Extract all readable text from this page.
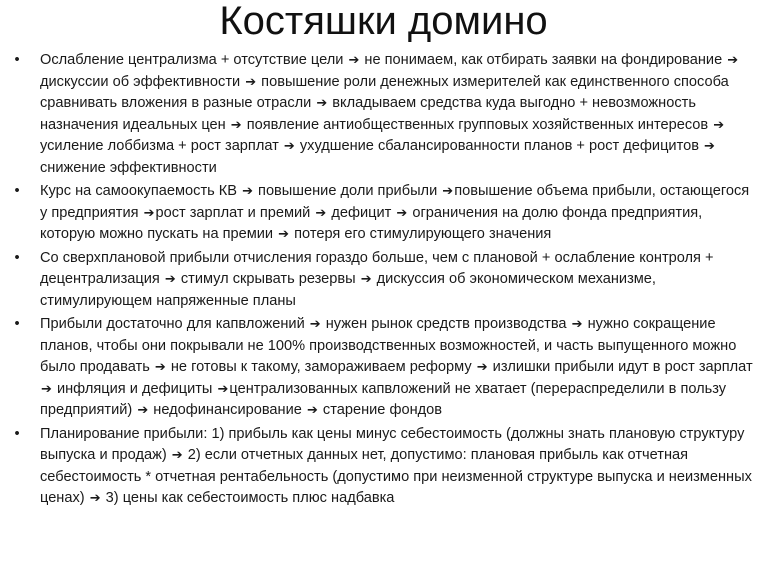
Костяшки домино
•	Ослабление централизма + отсутствие цели ➔ не понимаем, как отбирать заявки на фондирование ➔ дискуссии об эффективности ➔ повышение роли денежных измерителей как единственного способа сравнивать вложения в разные отрасли ➔ вкладываем средства куда выгодно + невозможность назначения идеальных цен ➔ появление антиобщественных групповых хозяйственных интересов ➔ усиление лоббизма + рост зарплат ➔ ухудшение сбалансированности планов + рост дефицитов ➔снижение эффективности
•	Курс на самоокупаемость КВ ➔ повышение доли прибыли ➔повышение объема прибыли, остающегося у предприятия ➔рост зарплат и премий ➔ дефицит ➔ ограничения на долю фонда предприятия, которую можно пускать на премии ➔ потеря его стимулирующего значения
•	Со сверхплановой прибыли отчисления гораздо больше, чем с плановой + ослабление контроля + децентрализация ➔ стимул скрывать резервы ➔ дискуссия об экономическом механизме, стимулирующем напряженные планы
•	Прибыли достаточно для капвложений ➔ нужен рынок средств производства ➔ нужно сокращение планов, чтобы они покрывали не 100% производственных возможностей, и часть выпущенного можно было продавать ➔ не готовы к такому, замораживаем реформу ➔ излишки прибыли идут в рост зарплат ➔ инфляция и дефициты ➔централизованных капвложений не хватает (перераспределили в пользу предприятий) ➔ недофинансирование ➔ старение фондов
•	Планирование прибыли: 1) прибыль как цены минус себестоимость (должны знать плановую структуру выпуска и продаж) ➔ 2) если отчетных данных нет, допустимо: плановая прибыль как отчетная себестоимость * отчетная рентабельность (допустимо при неизменной структуре выпуска и неизменных ценах) ➔ 3) цены как себестоимость плюс надбавка
